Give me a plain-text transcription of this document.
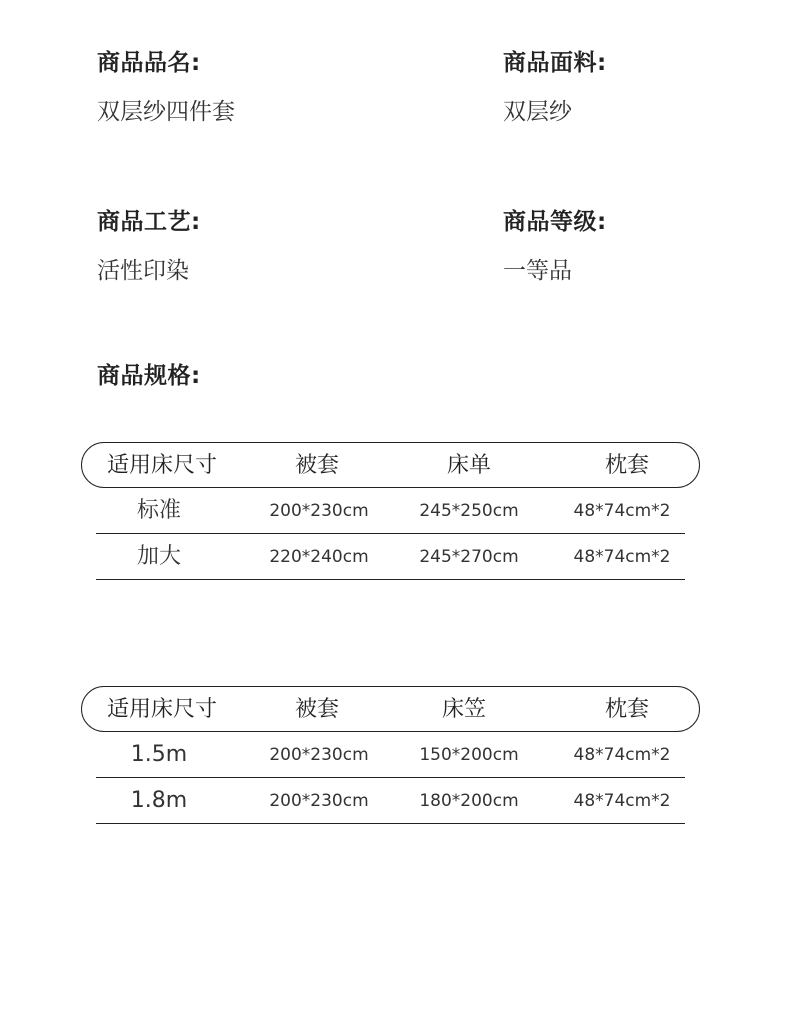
商品品名:
双层纱四件套
商品面料:
双层纱
商品工艺:
活性印染
商品等级:
一等品
商品规格:
适用床尺寸	被套	床单	枕套
标准	200*230cm	245*250cm	48*74cm*2
加大	220*240cm	245*270cm	48*74cm*2
适用床尺寸	被套	床笠	枕套
1.5m	200*230cm	150*200cm	48*74cm*2
1.8m	200*230cm	180*200cm	48*74cm*2
